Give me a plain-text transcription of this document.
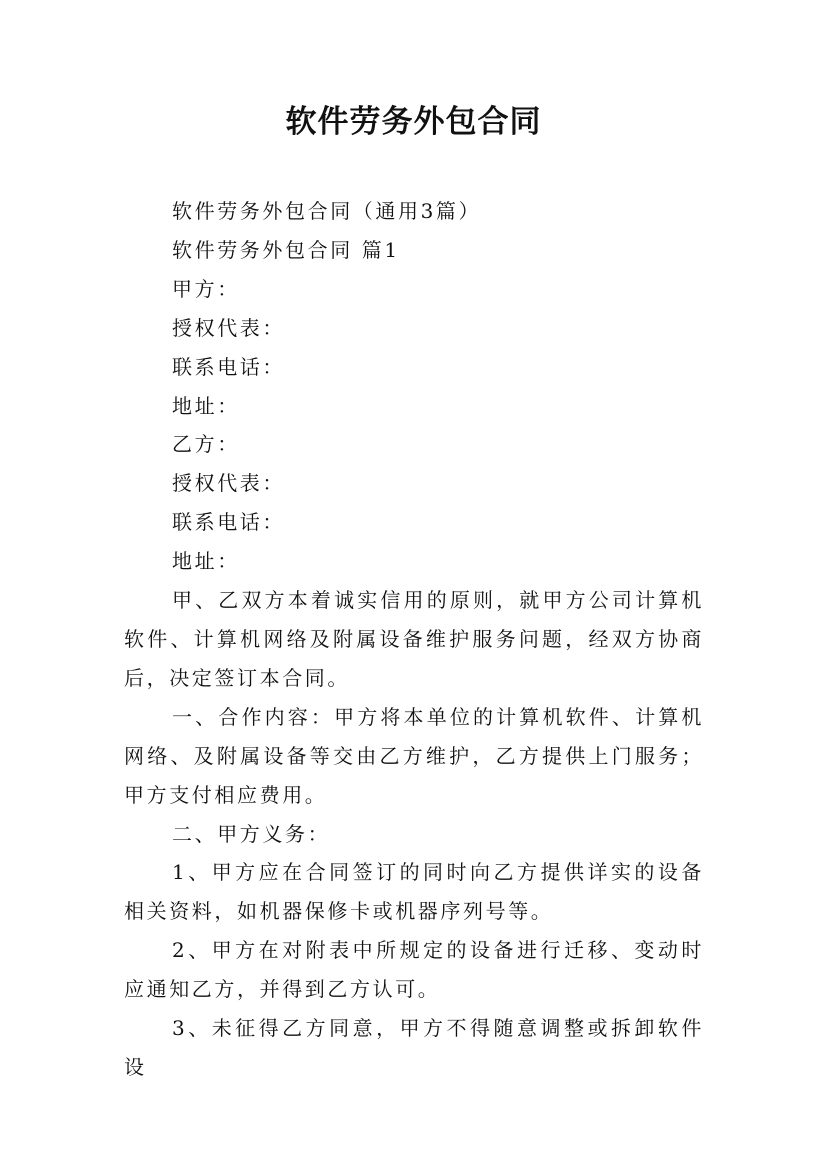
软件劳务外包合同

软件劳务外包合同（通用3篇）

软件劳务外包合同 篇1

甲方：

授权代表：

联系电话：

地址：

乙方：

授权代表：

联系电话：

地址：

甲、乙双方本着诚实信用的原则，就甲方公司计算机软件、计算机网络及附属设备维护服务问题，经双方协商后，决定签订本合同。

一、合作内容：甲方将本单位的计算机软件、计算机网络、及附属设备等交由乙方维护，乙方提供上门服务；甲方支付相应费用。

二、甲方义务：

1、甲方应在合同签订的同时向乙方提供详实的设备相关资料，如机器保修卡或机器序列号等。

2、甲方在对附表中所规定的设备进行迁移、变动时应通知乙方，并得到乙方认可。

3、未征得乙方同意，甲方不得随意调整或拆卸软件设
